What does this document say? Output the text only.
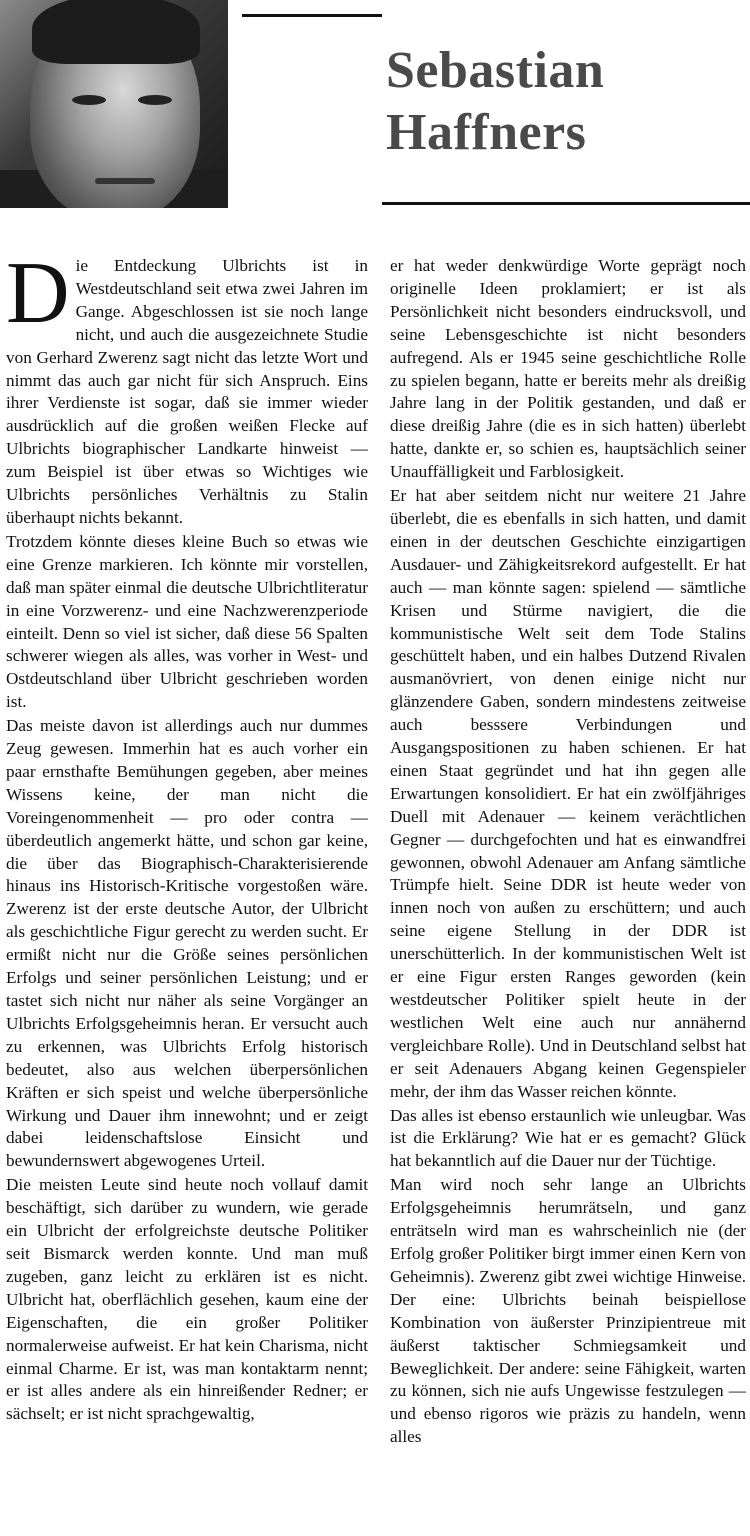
Sebastian Haffners

Die Entdeckung Ulbrichts ist in Westdeutschland seit etwa zwei Jahren im Gange. Abgeschlossen ist sie noch lange nicht, und auch die ausgezeichnete Studie von Gerhard Zwerenz sagt nicht das letzte Wort und nimmt das auch gar nicht für sich Anspruch. Eins ihrer Verdienste ist sogar, daß sie immer wieder ausdrücklich auf die großen weißen Flecke auf Ulbrichts biographischer Landkarte hinweist — zum Beispiel ist über etwas so Wichtiges wie Ulbrichts persönliches Verhältnis zu Stalin überhaupt nichts bekannt.

Trotzdem könnte dieses kleine Buch so etwas wie eine Grenze markieren. Ich könnte mir vorstellen, daß man später einmal die deutsche Ulbrichtliteratur in eine Vorzwerenz- und eine Nachzwerenzperiode einteilt. Denn so viel ist sicher, daß diese 56 Spalten schwerer wiegen als alles, was vorher in West- und Ostdeutschland über Ulbricht geschrieben worden ist.

Das meiste davon ist allerdings auch nur dummes Zeug gewesen. Immerhin hat es auch vorher ein paar ernsthafte Bemühungen gegeben, aber meines Wissens keine, der man nicht die Voreingenommenheit — pro oder contra — überdeutlich angemerkt hätte, und schon gar keine, die über das Biographisch-Charakterisierende hinaus ins Historisch-Kritische vorgestoßen wäre. Zwerenz ist der erste deutsche Autor, der Ulbricht als geschichtliche Figur gerecht zu werden sucht. Er ermißt nicht nur die Größe seines persönlichen Erfolgs und seiner persönlichen Leistung; und er tastet sich nicht nur näher als seine Vorgänger an Ulbrichts Erfolgsgeheimnis heran. Er versucht auch zu erkennen, was Ulbrichts Erfolg historisch bedeutet, also aus welchen überpersönlichen Kräften er sich speist und welche überpersönliche Wirkung und Dauer ihm innewohnt; und er zeigt dabei leidenschaftslose Einsicht und bewundernswert abgewogenes Urteil.

Die meisten Leute sind heute noch vollauf damit beschäftigt, sich darüber zu wundern, wie gerade ein Ulbricht der erfolgreichste deutsche Politiker seit Bismarck werden konnte. Und man muß zugeben, ganz leicht zu erklären ist es nicht. Ulbricht hat, oberflächlich gesehen, kaum eine der Eigenschaften, die ein großer Politiker normalerweise aufweist. Er hat kein Charisma, nicht einmal Charme. Er ist, was man kontaktarm nennt; er ist alles andere als ein hinreißender Redner; er sächselt; er ist nicht sprachgewaltig,

er hat weder denkwürdige Worte geprägt noch originelle Ideen proklamiert; er ist als Persönlichkeit nicht besonders eindrucksvoll, und seine Lebensgeschichte ist nicht besonders aufregend. Als er 1945 seine geschichtliche Rolle zu spielen begann, hatte er bereits mehr als dreißig Jahre lang in der Politik gestanden, und daß er diese dreißig Jahre (die es in sich hatten) überlebt hatte, dankte er, so schien es, hauptsächlich seiner Unauffälligkeit und Farblosigkeit.

Er hat aber seitdem nicht nur weitere 21 Jahre überlebt, die es ebenfalls in sich hatten, und damit einen in der deutschen Geschichte einzigartigen Ausdauer- und Zähigkeitsrekord aufgestellt. Er hat auch — man könnte sagen: spielend — sämtliche Krisen und Stürme navigiert, die die kommunistische Welt seit dem Tode Stalins geschüttelt haben, und ein halbes Dutzend Rivalen ausmanövriert, von denen einige nicht nur glänzendere Gaben, sondern mindestens zeitweise auch besssere Verbindungen und Ausgangspositionen zu haben schienen. Er hat einen Staat gegründet und hat ihn gegen alle Erwartungen konsolidiert. Er hat ein zwölfjähriges Duell mit Adenauer — keinem verächtlichen Gegner — durchgefochten und hat es einwandfrei gewonnen, obwohl Adenauer am Anfang sämtliche Trümpfe hielt. Seine DDR ist heute weder von innen noch von außen zu erschüttern; und auch seine eigene Stellung in der DDR ist unerschütterlich. In der kommunistischen Welt ist er eine Figur ersten Ranges geworden (kein westdeutscher Politiker spielt heute in der westlichen Welt eine auch nur annähernd vergleichbare Rolle). Und in Deutschland selbst hat er seit Adenauers Abgang keinen Gegenspieler mehr, der ihm das Wasser reichen könnte.

Das alles ist ebenso erstaunlich wie unleugbar. Was ist die Erklärung? Wie hat er es gemacht? Glück hat bekanntlich auf die Dauer nur der Tüchtige.

Man wird noch sehr lange an Ulbrichts Erfolgsgeheimnis herumrätseln, und ganz enträtseln wird man es wahrscheinlich nie (der Erfolg großer Politiker birgt immer einen Kern von Geheimnis). Zwerenz gibt zwei wichtige Hinweise. Der eine: Ulbrichts beinah beispiellose Kombination von äußerster Prinzipientreue mit äußerst taktischer Schmiegsamkeit und Beweglichkeit. Der andere: seine Fähigkeit, warten zu können, sich nie aufs Ungewisse festzulegen — und ebenso rigoros wie präzis zu handeln, wenn alles
